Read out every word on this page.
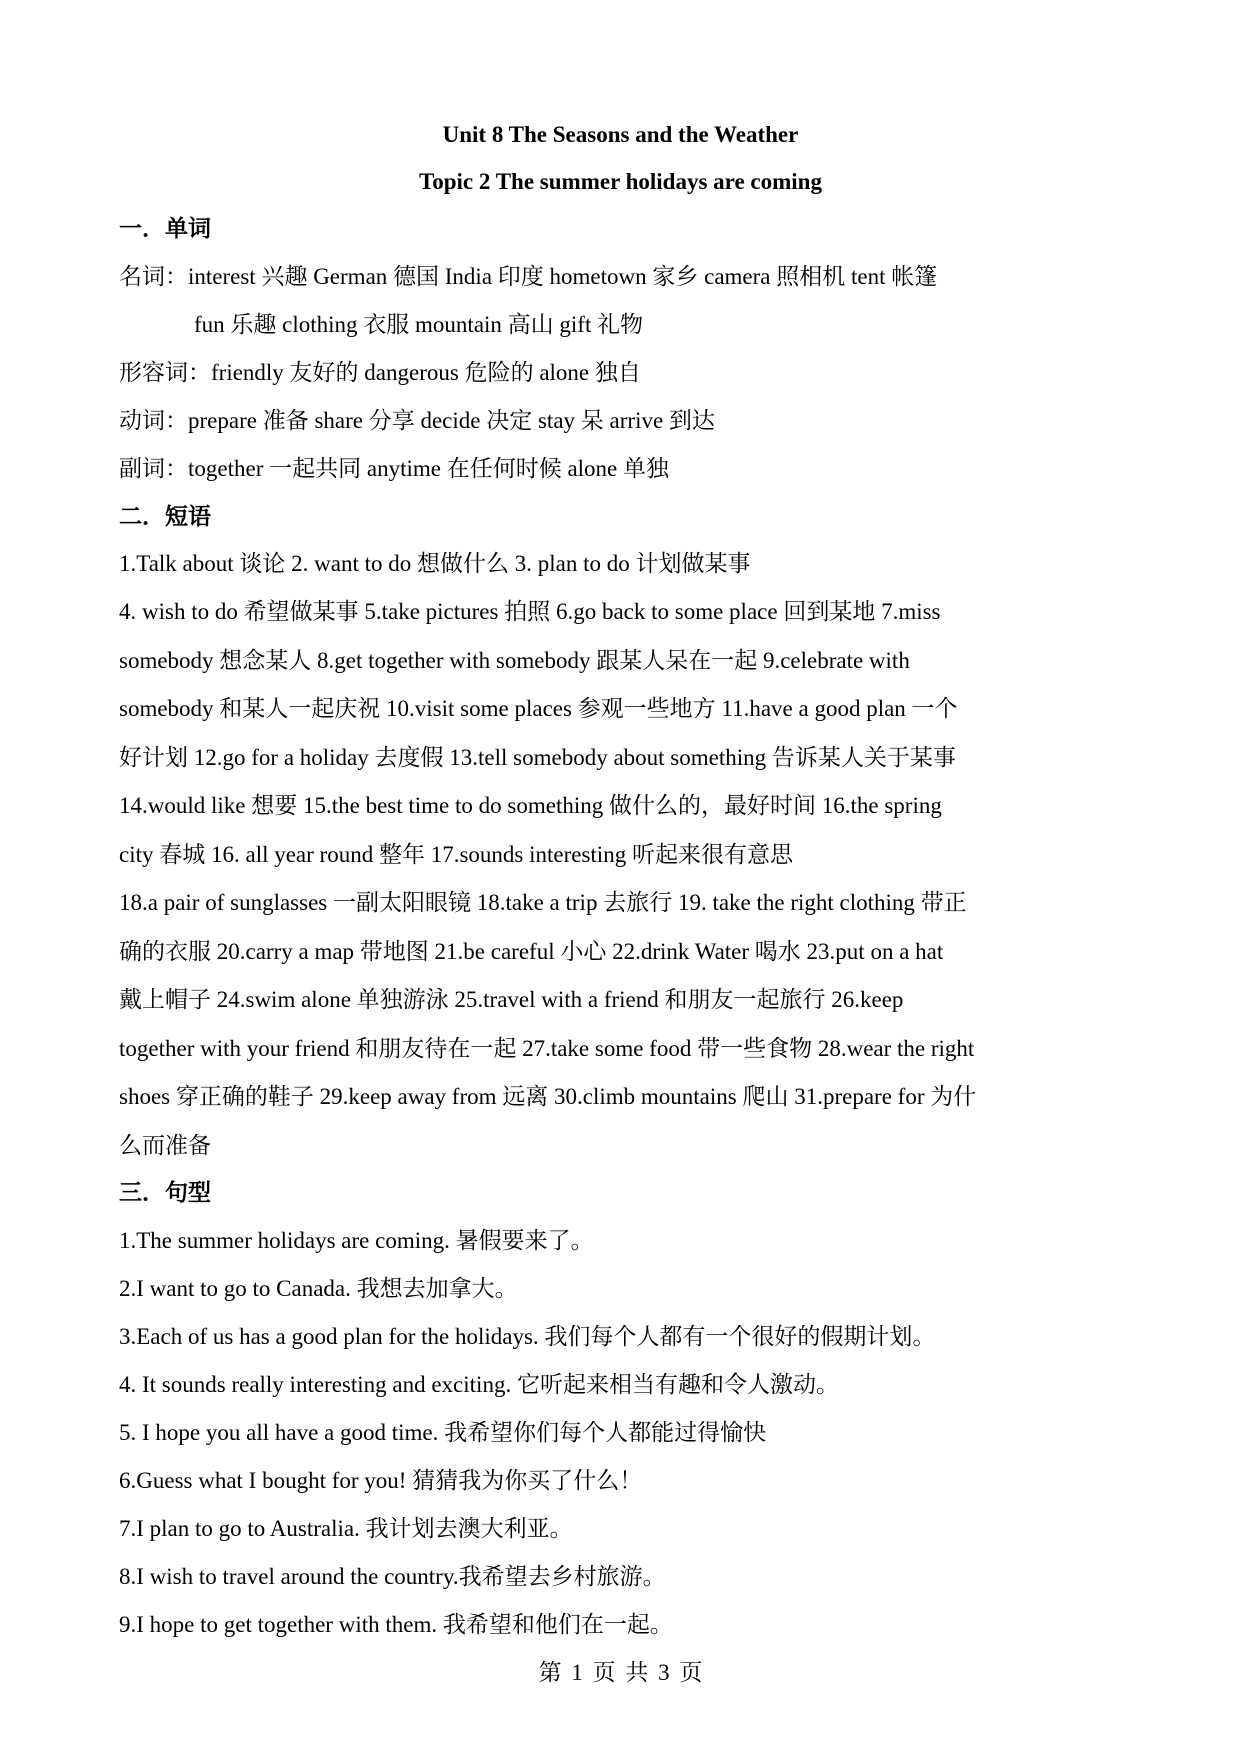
Unit 8 The Seasons and the Weather

Topic 2 The summer holidays are coming

一．单词

名词：interest 兴趣 German 德国 India 印度 hometown 家乡 camera 照相机 tent 帐篷

fun 乐趣 clothing 衣服 mountain 高山 gift 礼物

形容词：friendly 友好的 dangerous 危险的 alone 独自

动词：prepare 准备 share 分享 decide 决定 stay 呆 arrive 到达

副词：together 一起共同 anytime 在任何时候 alone 单独

二．短语

1.Talk about 谈论 2. want to do 想做什么 3. plan to do 计划做某事

4. wish to do 希望做某事 5.take pictures 拍照 6.go back to some place 回到某地 7.miss

somebody 想念某人 8.get together with somebody 跟某人呆在一起 9.celebrate with

somebody 和某人一起庆祝 10.visit some places 参观一些地方 11.have a good plan 一个

好计划 12.go for a holiday 去度假 13.tell somebody about something 告诉某人关于某事

14.would like 想要 15.the best time to do something 做什么的，最好时间 16.the spring

city 春城 16. all year round 整年 17.sounds interesting 听起来很有意思

18.a pair of sunglasses 一副太阳眼镜 18.take a trip 去旅行 19. take the right clothing 带正

确的衣服 20.carry a map 带地图 21.be careful 小心 22.drink Water 喝水 23.put on a hat

戴上帽子 24.swim alone 单独游泳 25.travel with a friend 和朋友一起旅行 26.keep

together with your friend 和朋友待在一起 27.take some food 带一些食物 28.wear the right

shoes 穿正确的鞋子 29.keep away from 远离 30.climb mountains 爬山 31.prepare for 为什

么而准备

三．句型

1.The summer holidays are coming. 暑假要来了。

2.I want to go to Canada. 我想去加拿大。

3.Each of us has a good plan for the holidays. 我们每个人都有一个很好的假期计划。

4. It sounds really interesting and exciting. 它听起来相当有趣和令人激动。

5. I hope you all have a good time. 我希望你们每个人都能过得愉快

6.Guess what I bought for you! 猜猜我为你买了什么！

7.I plan to go to Australia. 我计划去澳大利亚。

8.I wish to travel around the country.我希望去乡村旅游。

9.I hope to get together with them. 我希望和他们在一起。

第 1 页 共 3 页
